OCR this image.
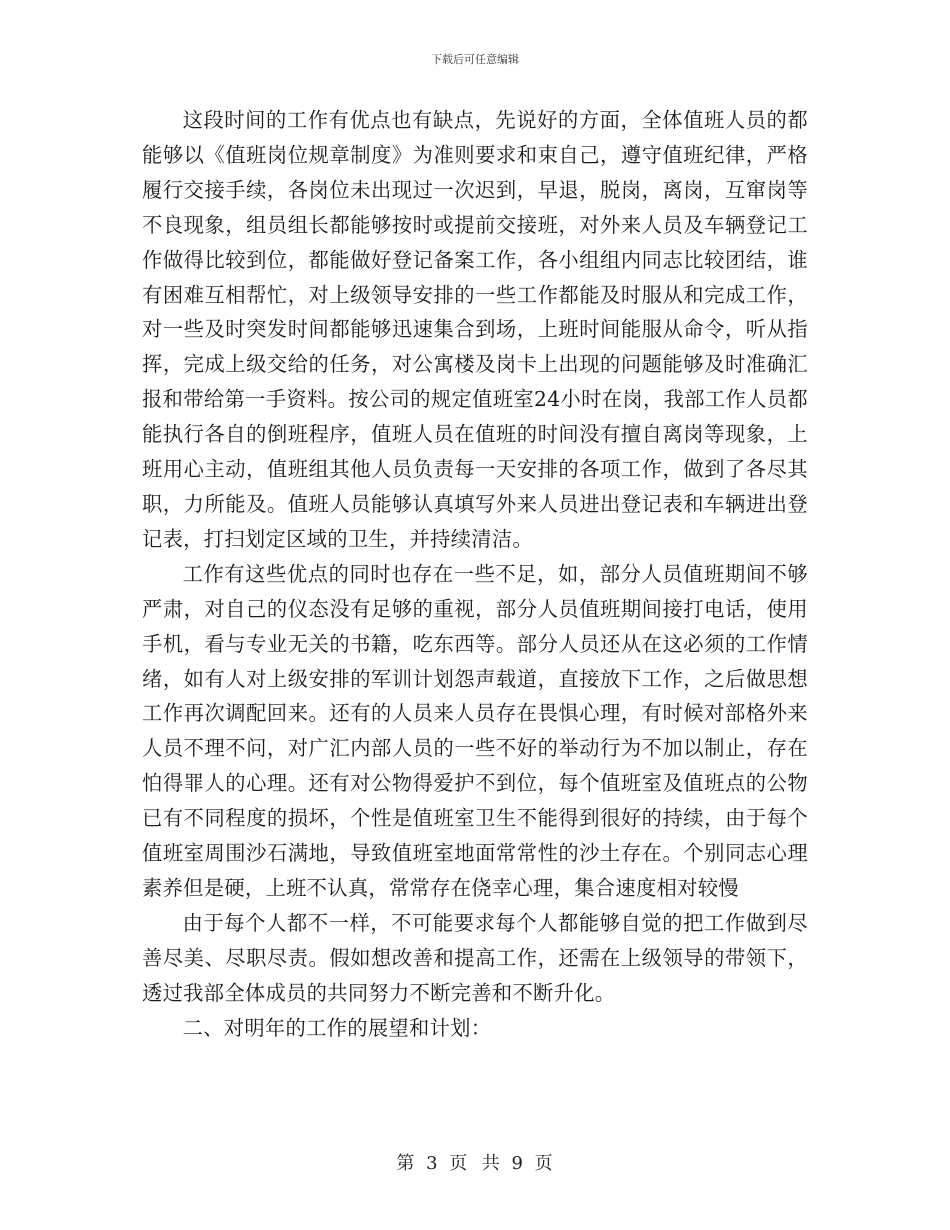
下载后可任意编辑

这段时间的工作有优点也有缺点，先说好的方面，全体值班人员的都能够以《值班岗位规章制度》为准则要求和束自己，遵守值班纪律，严格履行交接手续，各岗位未出现过一次迟到，早退，脱岗，离岗，互窜岗等不良现象，组员组长都能够按时或提前交接班，对外来人员及车辆登记工作做得比较到位，都能做好登记备案工作，各小组组内同志比较团结，谁有困难互相帮忙，对上级领导安排的一些工作都能及时服从和完成工作，对一些及时突发时间都能够迅速集合到场，上班时间能服从命令，听从指挥，完成上级交给的任务，对公寓楼及岗卡上出现的问题能够及时准确汇报和带给第一手资料。按公司的规定值班室24小时在岗，我部工作人员都能执行各自的倒班程序，值班人员在值班的时间没有擅自离岗等现象，上班用心主动，值班组其他人员负责每一天安排的各项工作，做到了各尽其职，力所能及。值班人员能够认真填写外来人员进出登记表和车辆进出登记表，打扫划定区域的卫生，并持续清洁。

工作有这些优点的同时也存在一些不足，如，部分人员值班期间不够严肃，对自己的仪态没有足够的重视，部分人员值班期间接打电话，使用手机，看与专业无关的书籍，吃东西等。部分人员还从在这必须的工作情绪，如有人对上级安排的军训计划怨声载道，直接放下工作，之后做思想工作再次调配回来。还有的人员来人员存在畏惧心理，有时候对部格外来人员不理不问，对广汇内部人员的一些不好的举动行为不加以制止，存在怕得罪人的心理。还有对公物得爱护不到位，每个值班室及值班点的公物已有不同程度的损坏，个性是值班室卫生不能得到很好的持续，由于每个值班室周围沙石满地，导致值班室地面常常性的沙土存在。个别同志心理素养但是硬，上班不认真，常常存在侥幸心理，集合速度相对较慢

由于每个人都不一样，不可能要求每个人都能够自觉的把工作做到尽善尽美、尽职尽责。假如想改善和提高工作，还需在上级领导的带领下，透过我部全体成员的共同努力不断完善和不断升化。

二、对明年的工作的展望和计划：

第 3 页  共 9 页
